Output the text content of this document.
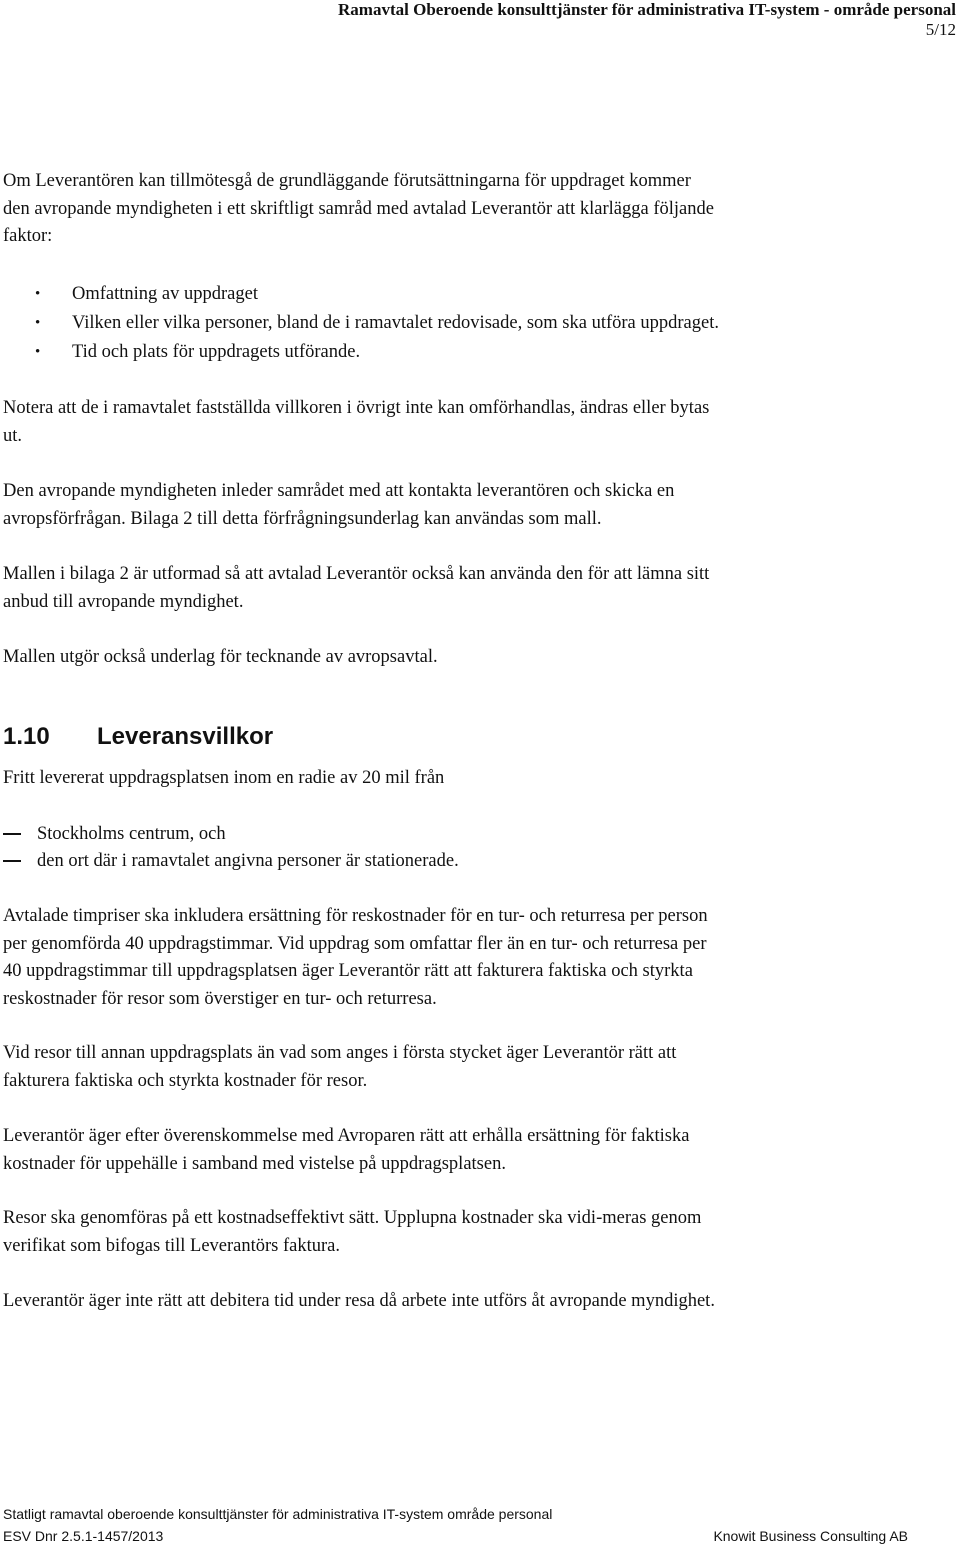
Ramavtal Oberoende konsulttjänster för administrativa IT-system - område personal
5/12
Om Leverantören kan tillmötesgå de grundläggande förutsättningarna för uppdraget kommer
den avropande myndigheten i ett skriftligt samråd med avtalad Leverantör att klarlägga följande
faktor:
• Omfattning av uppdraget
• Vilken eller vilka personer, bland de i ramavtalet redovisade, som ska utföra uppdraget.
• Tid och plats för uppdragets utförande.
Notera att de i ramavtalet fastställda villkoren i övrigt inte kan omförhandlas, ändras eller bytas
ut.
Den avropande myndigheten inleder samrådet med att kontakta leverantören och skicka en
avropsförfrågan. Bilaga 2 till detta förfrågningsunderlag kan användas som mall.
Mallen i bilaga 2 är utformad så att avtalad Leverantör också kan använda den för att lämna sitt
anbud till avropande myndighet.
Mallen utgör också underlag för tecknande av avropsavtal.
1.10 Leveransvillkor
Fritt levererat uppdragsplatsen inom en radie av 20 mil från
Stockholms centrum, och
den ort där i ramavtalet angivna personer är stationerade.
Avtalade timpriser ska inkludera ersättning för reskostnader för en tur- och returresa per person
per genomförda 40 uppdragstimmar. Vid uppdrag som omfattar fler än en tur- och returresa per
40 uppdragstimmar till uppdragsplatsen äger Leverantör rätt att fakturera faktiska och styrkta
reskostnader för resor som överstiger en tur- och returresa.
Vid resor till annan uppdragsplats än vad som anges i första stycket äger Leverantör rätt att
fakturera faktiska och styrkta kostnader för resor.
Leverantör äger efter överenskommelse med Avroparen rätt att erhålla ersättning för faktiska
kostnader för uppehälle i samband med vistelse på uppdragsplatsen.
Resor ska genomföras på ett kostnadseffektivt sätt. Upplupna kostnader ska vidi-meras genom
verifikat som bifogas till Leverantörs faktura.
Leverantör äger inte rätt att debitera tid under resa då arbete inte utförs åt avropande myndighet.
Statligt ramavtal oberoende konsulttjänster för administrativa IT-system område personal
ESV Dnr 2.5.1-1457/2013	Knowit Business Consulting AB
